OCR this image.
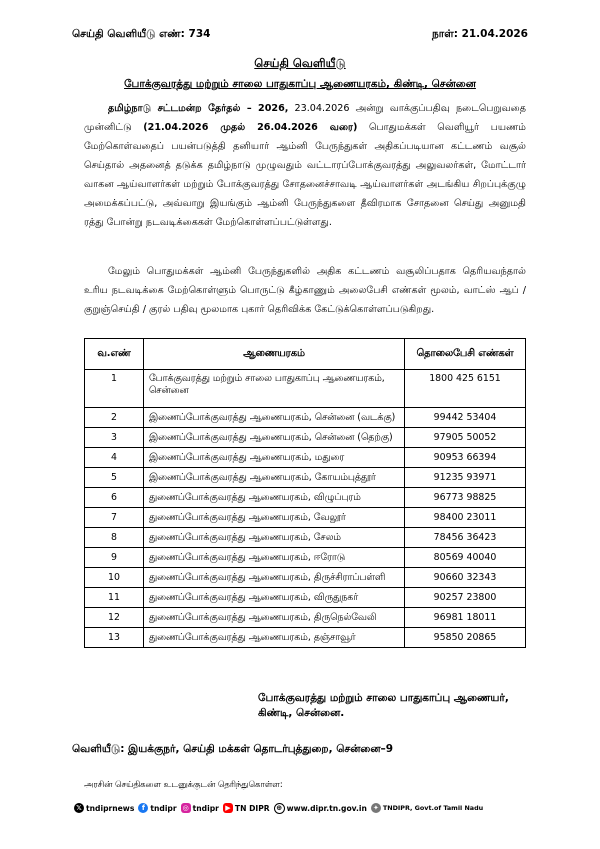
செய்தி வெளியீடு எண்: 734	நாள்: 21.04.2026
செய்தி வெளியீடு
போக்குவரத்து மற்றும் சாலை பாதுகாப்பு ஆணையரகம், கிண்டி, சென்னை
தமிழ்நாடு சட்டமன்ற தேர்தல் – 2026, 23.04.2026 அன்று வாக்குப்பதிவு நடைபெறுவதை முன்னிட்டு (21.04.2026 முதல் 26.04.2026 வரை) பொதுமக்கள் வெளியூர் பயணம் மேற்கொள்வதைப் பயன்படுத்தி தனியார் ஆம்னி பேருந்துகள் அதிகப்படியான கட்டணம் வசூல் செய்தால் அதனைத் தடுக்க தமிழ்நாடு முழுவதும் வட்டாரப்போக்குவரத்து அலுவலர்கள், மோட்டார் வாகன ஆய்வாளர்கள் மற்றும் போக்குவரத்து சோதனைச்சாவடி ஆய்வாளர்கள் அடங்கிய சிறப்புக்குழு அமைக்கப்பட்டு, அவ்வாறு இயங்கும் ஆம்னி பேருந்துகளை தீவிரமாக சோதனை செய்து அனுமதி ரத்து போன்று நடவடிக்கைகள் மேற்கொள்ளப்பட்டுள்ளது.
மேலும் பொதுமக்கள் ஆம்னி பேருந்துகளில் அதிக கட்டணம் வசூலிப்பதாக தெரியவந்தால் உரிய நடவடிக்கை மேற்கொள்ளும் பொருட்டு கீழ்காணும் அலைபேசி எண்கள் மூலம், வாட்ஸ் ஆப் / குறுஞ்செய்தி / குரல் பதிவு மூலமாக புகார் தெரிவிக்க கேட்டுக்கொள்ளப்படுகிறது.
வ.எண்	ஆணையரகம்	தொலைபேசி எண்கள்
1	போக்குவரத்து மற்றும் சாலை பாதுகாப்பு ஆணையரகம், சென்னை	1800 425 6151
2	இணைப்போக்குவரத்து ஆணையரகம், சென்னை (வடக்கு)	99442 53404
3	இணைப்போக்குவரத்து ஆணையரகம், சென்னை (தெற்கு)	97905 50052
4	இணைப்போக்குவரத்து ஆணையரகம், மதுரை	90953 66394
5	இணைப்போக்குவரத்து ஆணையரகம், கோயம்புத்தூர்	91235 93971
6	துணைப்போக்குவரத்து ஆணையரகம், விழுப்புரம்	96773 98825
7	துணைப்போக்குவரத்து ஆணையரகம், வேலூர்	98400 23011
8	துணைப்போக்குவரத்து ஆணையரகம், சேலம்	78456 36423
9	துணைப்போக்குவரத்து ஆணையரகம், ஈரோடு	80569 40040
10	துணைப்போக்குவரத்து ஆணையரகம், திருச்சிராப்பள்ளி	90660 32343
11	துணைப்போக்குவரத்து ஆணையரகம், விருதுநகர்	90257 23800
12	துணைப்போக்குவரத்து ஆணையரகம், திருநெல்வேலி	96981 18011
13	துணைப்போக்குவரத்து ஆணையரகம், தஞ்சாவூர்	95850 20865
போக்குவரத்து மற்றும் சாலை பாதுகாப்பு ஆணையர்,
கிண்டி, சென்னை.
வெளியீடு: இயக்குநர், செய்தி மக்கள் தொடர்புத்துறை, சென்னை–9
அரசின் செய்திகளை உடனுக்குடன் தெரிந்துகொள்ள:
𝕏 tndiprnews	f tndipr ◎ tndipr ▶ TN DIPR ⊕ www.dipr.tn.gov.in ✦ TNDIPR, Govt.of Tamil Nadu
